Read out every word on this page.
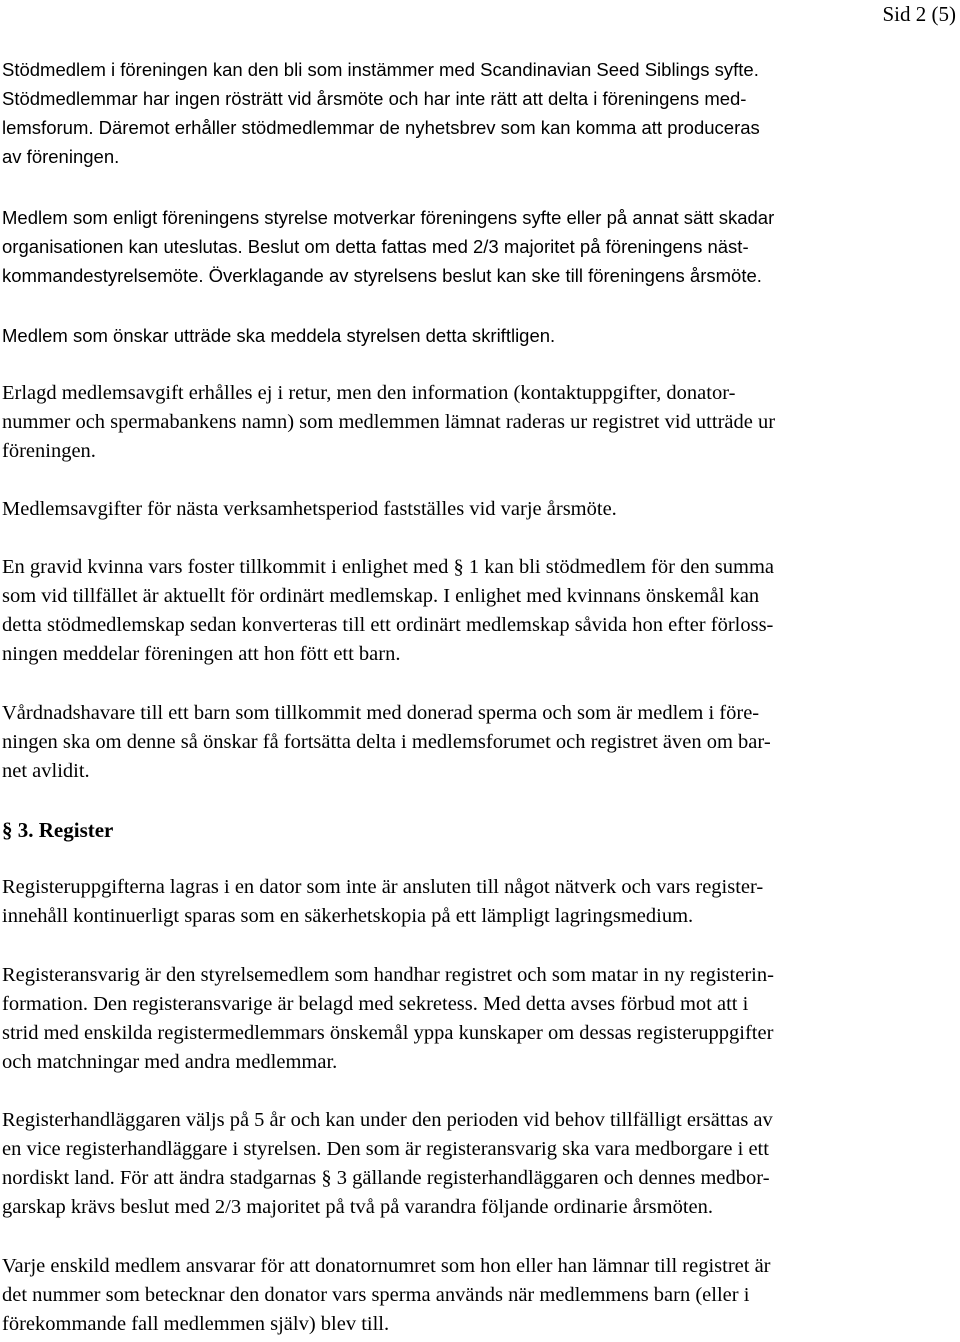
Sid 2 (5)
Stödmedlem i föreningen kan den bli som instämmer med Scandinavian Seed Siblings syfte.
Stödmedlemmar har ingen rösträtt vid årsmöte och har inte rätt att delta i föreningens med-
lemsforum. Däremot erhåller stödmedlemmar de nyhetsbrev som kan komma att produceras
av föreningen.
Medlem som enligt föreningens styrelse motverkar föreningens syfte eller på annat sätt skadar
organisationen kan uteslutas. Beslut om detta fattas med 2/3 majoritet på föreningens näst-
kommandestyrelsemöte. Överklagande av styrelsens beslut kan ske till föreningens årsmöte.
Medlem som önskar utträde ska meddela styrelsen detta skriftligen.
Erlagd medlemsavgift erhålles ej i retur, men den information (kontaktuppgifter, donator-
nummer och spermabankens namn) som medlemmen lämnat raderas ur registret vid utträde ur
föreningen.
Medlemsavgifter för nästa verksamhetsperiod fastställes vid varje årsmöte.
En gravid kvinna vars foster tillkommit i enlighet med § 1 kan bli stödmedlem för den summa
som vid tillfället är aktuellt för ordinärt medlemskap. I enlighet med kvinnans önskemål kan
detta stödmedlemskap sedan konverteras till ett ordinärt medlemskap såvida hon efter förloss-
ningen meddelar föreningen att hon fött ett barn.
Vårdnadshavare till ett barn som tillkommit med donerad sperma och som är medlem i före-
ningen ska om denne så önskar få fortsätta delta i medlemsforumet och registret även om bar-
net avlidit.
§ 3. Register
Registeruppgifterna lagras i en dator som inte är ansluten till något nätverk och vars register-
innehåll kontinuerligt sparas som en säkerhetskopia på ett lämpligt lagringsmedium.
Registeransvarig är den styrelsemedlem som handhar registret och som matar in ny registerin-
formation. Den registeransvarige är belagd med sekretess. Med detta avses förbud mot att i
strid med enskilda registermedlemmars önskemål yppa kunskaper om dessas registeruppgifter
och matchningar med andra medlemmar.
Registerhandläggaren väljs på 5 år och kan under den perioden vid behov tillfälligt ersättas av
en vice registerhandläggare i styrelsen. Den som är registeransvarig ska vara medborgare i ett
nordiskt land. För att ändra stadgarnas § 3 gällande registerhandläggaren och dennes medbor-
garskap krävs beslut med 2/3 majoritet på två på varandra följande ordinarie årsmöten.
Varje enskild medlem ansvarar för att donatornumret som hon eller han lämnar till registret är
det nummer som betecknar den donator vars sperma används när medlemmens barn (eller i
förekommande fall medlemmen själv) blev till.
